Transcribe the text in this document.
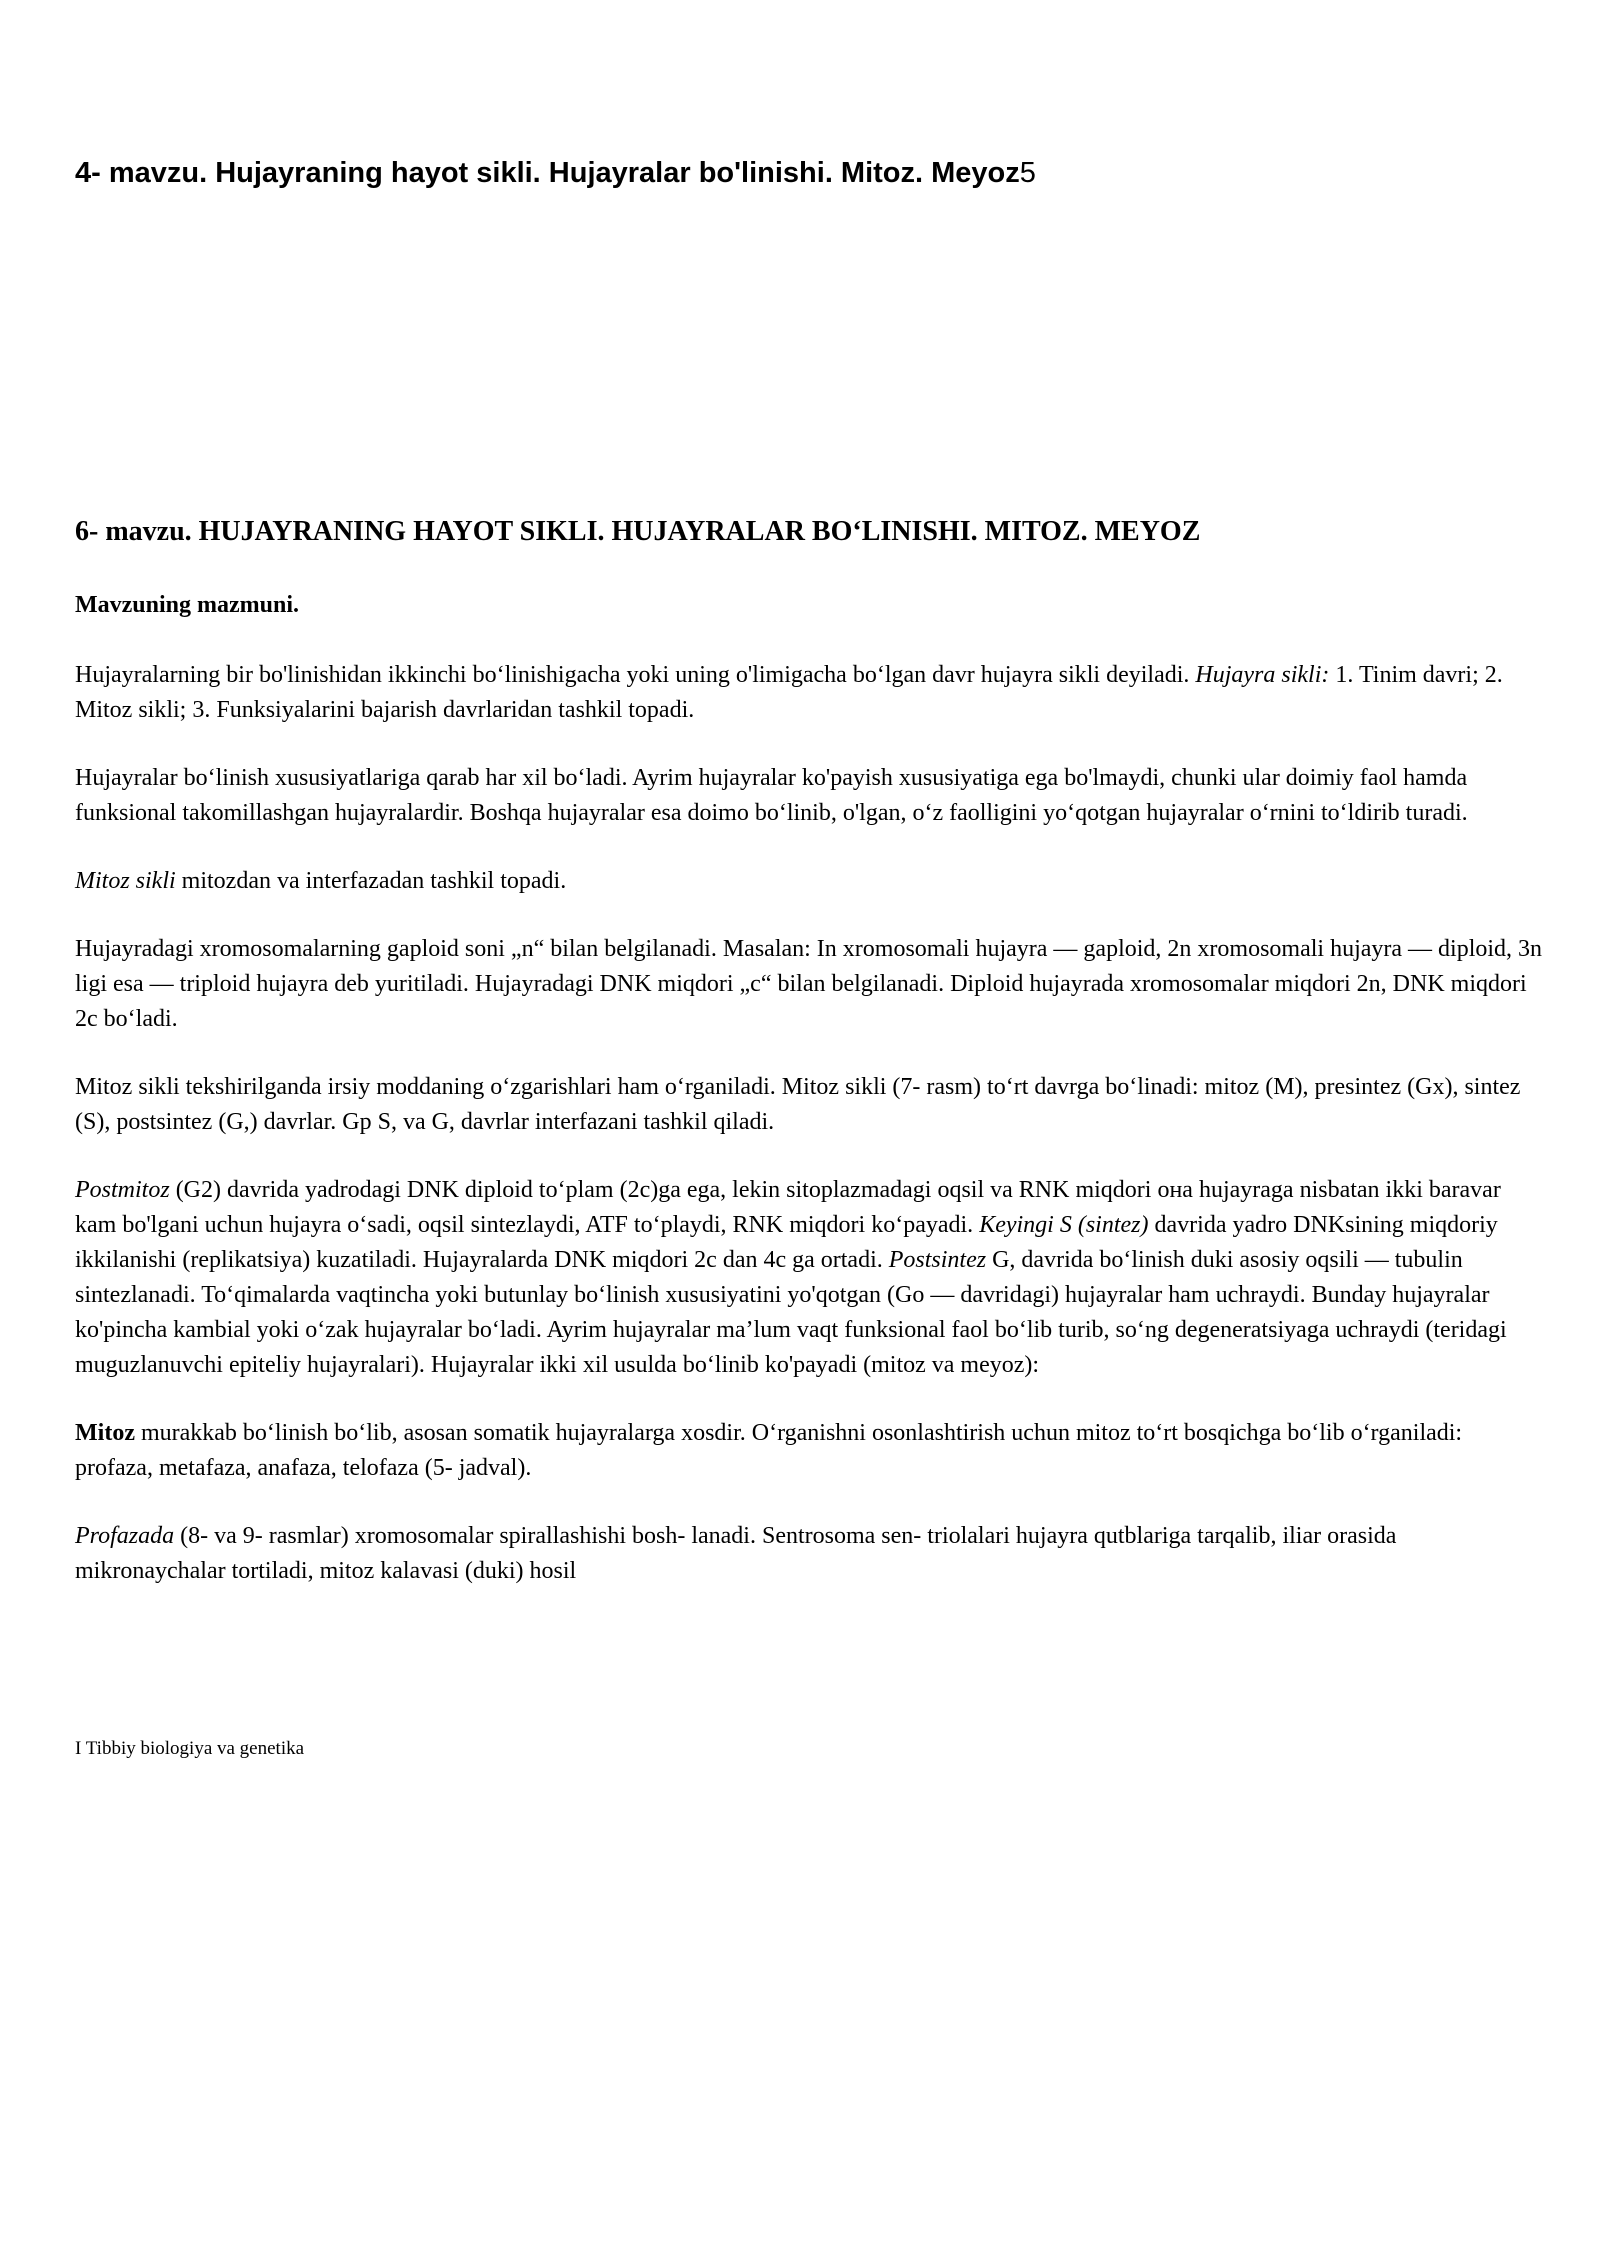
4- mavzu. Hujayraning hayot sikli. Hujayralar bo'linishi. Mitoz. Meyoz5
6- mavzu. HUJAYRANING HAYOT SIKLI. HUJAYRALAR BO‘LINISHI. MITOZ. MEYOZ
Mavzuning mazmuni.

Hujayralarning bir bo'linishidan ikkinchi bo‘linishigacha yoki uning o'limigacha bo‘lgan davr hujayra sikli deyiladi. Hujayra sikli: 1. Tinim davri; 2. Mitoz sikli; 3. Funksiyalarini bajarish davrlaridan tashkil topadi.

Hujayralar bo‘linish xususiyatlariga qarab har xil bo‘ladi. Ayrim hujayralar ko'payish xususiyatiga ega bo'lmaydi, chunki ular doimiy faol hamda funksional takomillashgan hujayralardir. Boshqa hujayralar esa doimo bo‘linib, o'lgan, o‘z faolligini yo‘qotgan hujayralar o‘rnini to‘ldirib turadi.

Mitoz sikli mitozdan va interfazadan tashkil topadi.

Hujayradagi xromosomalarning gaploid soni „n“ bilan belgilanadi. Masalan: In xromosomali hujayra — gaploid, 2n xromosomali hujayra — diploid, 3n ligi esa — triploid hujayra deb yuritiladi. Hujayradagi DNK miqdori „c“ bilan belgilanadi. Diploid hujayrada xromosomalar miqdori 2n, DNK miqdori 2c bo‘ladi.

Mitoz sikli tekshirilganda irsiy moddaning o‘zgarishlari ham o‘rganiladi. Mitoz sikli (7- rasm) to‘rt davrga bo‘linadi: mitoz (M), presintez (Gx), sintez (S), postsintez (G,) davrlar. Gp S, va G, davrlar interfazani tashkil qiladi.

Postmitoz (G2) davrida yadrodagi DNK diploid to‘plam (2c)ga ega, lekin sitoplazmadagi oqsil va RNK miqdori она hujayraga nisbatan ikki baravar kam bo'lgani uchun hujayra o‘sadi, oqsil sintezlaydi, ATF to‘playdi, RNK miqdori ko‘payadi. Keyingi S (sintez) davrida yadro DNKsining miqdoriy ikkilanishi (replikatsiya) kuzatiladi. Hujayralarda DNK miqdori 2c dan 4c ga ortadi. Postsintez G, davrida bo‘linish duki asosiy oqsili — tubulin sintezlanadi. To‘qimalarda vaqtincha yoki butunlay bo‘linish xususiyatini yo'qotgan (Go — davridagi) hujayralar ham uchraydi. Bunday hujayralar ko'pincha kambial yoki o‘zak hujayralar bo‘ladi. Ayrim hujayralar ma’lum vaqt funksional faol bo‘lib turib, so‘ng degeneratsiyaga uchraydi (teridagi muguzlanuvchi epiteliy hujayralari). Hujayralar ikki xil usulda bo‘linib ko'payadi (mitoz va meyoz):

Mitoz murakkab bo‘linish bo‘lib, asosan somatik hujayralarga xosdir. O‘rganishni osonlashtirish uchun mitoz to‘rt bosqichga bo‘lib o‘rganiladi: profaza, metafaza, anafaza, telofaza (5- jadval).

Profazada (8- va 9- rasmlar) xromosomalar spirallashishi bosh- lanadi. Sentrosoma sen- triolalari hujayra qutblariga tarqalib, iliar orasida mikronaychalar tortiladi, mitoz kalavasi (duki) hosil

I Tibbiy biologiya va genetika
